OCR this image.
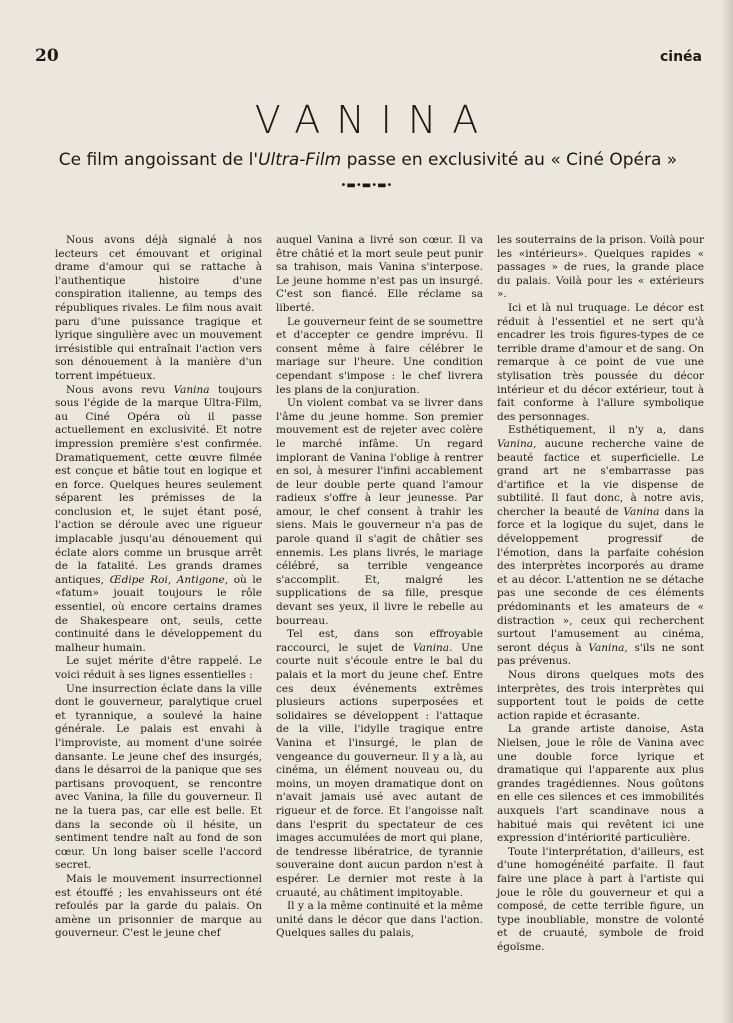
20	cinéa
VANINA
Ce film angoissant de l'Ultra-Film passe en exclusivité au « Ciné Opéra »
•▬•▬•▬•

Nous avons déjà signalé à nos lecteurs cet émouvant et original drame d'amour qui se rattache à l'authentique histoire d'une conspiration italienne, au temps des républiques rivales. Le film nous avait paru d'une puissance tragique et lyrique singulière avec un mouvement irrésistible qui entraînait l'action vers son dénouement à la manière d'un torrent impétueux.

Nous avons revu Vanina toujours sous l'égide de la marque Ultra-Film, au Ciné Opéra où il passe actuellement en exclusivité. Et notre impression première s'est confirmée. Dramatiquement, cette œuvre filmée est conçue et bâtie tout en logique et en force. Quelques heures seulement séparent les prémisses de la conclusion et, le sujet étant posé, l'action se déroule avec une rigueur implacable jusqu'au dénouement qui éclate alors comme un brusque arrêt de la fatalité. Les grands drames antiques, Œdipe Roi, Antigone, où le «fatum» jouait toujours le rôle essentiel, où encore certains drames de Shakespeare ont, seuls, cette continuité dans le développement du malheur humain.

Le sujet mérite d'être rappelé. Le voici réduit à ses lignes essentielles :

Une insurrection éclate dans la ville dont le gouverneur, paralytique cruel et tyrannique, a soulevé la haine générale. Le palais est envahi à l'improviste, au moment d'une soirée dansante. Le jeune chef des insurgés, dans le désarroi de la panique que ses partisans provoquent, se rencontre avec Vanina, la fille du gouverneur. Il ne la tuera pas, car elle est belle. Et dans la seconde où il hésite, un sentiment tendre naît au fond de son cœur. Un long baiser scelle l'accord secret.

Mais le mouvement insurrectionnel est étouffé ; les envahisseurs ont été refoulés par la garde du palais. On amène un prisonnier de marque au gouverneur. C'est le jeune chef

auquel Vanina a livré son cœur. Il va être châtié et la mort seule peut punir sa trahison, mais Vanina s'interpose. Le jeune homme n'est pas un insurgé. C'est son fiancé. Elle réclame sa liberté.

Le gouverneur feint de se soumettre et d'accepter ce gendre imprévu. Il consent même à faire célébrer le mariage sur l'heure. Une condition cependant s'impose : le chef livrera les plans de la conjuration.

Un violent combat va se livrer dans l'âme du jeune homme. Son premier mouvement est de rejeter avec colère le marché infâme. Un regard implorant de Vanina l'oblige à rentrer en soi, à mesurer l'infini accablement de leur double perte quand l'amour radieux s'offre à leur jeunesse. Par amour, le chef consent à trahir les siens. Mais le gouverneur n'a pas de parole quand il s'agit de châtier ses ennemis. Les plans livrés, le mariage célébré, sa terrible vengeance s'accomplit. Et, malgré les supplications de sa fille, presque devant ses yeux, il livre le rebelle au bourreau.

Tel est, dans son effroyable raccourci, le sujet de Vanina. Une courte nuit s'écoule entre le bal du palais et la mort du jeune chef. Entre ces deux événements extrêmes plusieurs actions superposées et solidaires se développent : l'attaque de la ville, l'idylle tragique entre Vanina et l'insurgé, le plan de vengeance du gouverneur. Il y a là, au cinéma, un élément nouveau ou, du moins, un moyen dramatique dont on n'avait jamais usé avec autant de rigueur et de force. Et l'angoisse naît dans l'esprit du spectateur de ces images accumulées de mort qui plane, de tendresse libératrice, de tyrannie souveraine dont aucun pardon n'est à espérer. Le dernier mot reste à la cruauté, au châtiment impitoyable.

Il y a la même continuité et la même unité dans le décor que dans l'action. Quelques salles du palais,

les souterrains de la prison. Voilà pour les «intérieurs». Quelques rapides « passages » de rues, la grande place du palais. Voilà pour les « extérieurs ».

Ici et là nul truquage. Le décor est réduit à l'essentiel et ne sert qu'à encadrer les trois figures-types de ce terrible drame d'amour et de sang. On remarque à ce point de vue une stylisation très poussée du décor intérieur et du décor extérieur, tout à fait conforme à l'allure symbolique des personnages.

Esthétiquement, il n'y a, dans Vanina, aucune recherche vaine de beauté factice et superficielle. Le grand art ne s'embarrasse pas d'artifice et la vie dispense de subtilité. Il faut donc, à notre avis, chercher la beauté de Vanina dans la force et la logique du sujet, dans le développement progressif de l'émotion, dans la parfaite cohésion des interprètes incorporés au drame et au décor. L'attention ne se détache pas une seconde de ces éléments prédominants et les amateurs de « distraction », ceux qui recherchent surtout l'amusement au cinéma, seront déçus à Vanina, s'ils ne sont pas prévenus.

Nous dirons quelques mots des interprètes, des trois interprètes qui supportent tout le poids de cette action rapide et écrasante.

La grande artiste danoise, Asta Nielsen, joue le rôle de Vanina avec une double force lyrique et dramatique qui l'apparente aux plus grandes tragédiennes. Nous goûtons en elle ces silences et ces immobilités auxquels l'art scandinave nous a habitué mais qui revêtent ici une expression d'intériorité particulière.

Toute l'interprétation, d'ailleurs, est d'une homogénéité parfaite. Il faut faire une place à part à l'artiste qui joue le rôle du gouverneur et qui a composé, de cette terrible figure, un type inoubliable, monstre de volonté et de cruauté, symbole de froid égoïsme.
